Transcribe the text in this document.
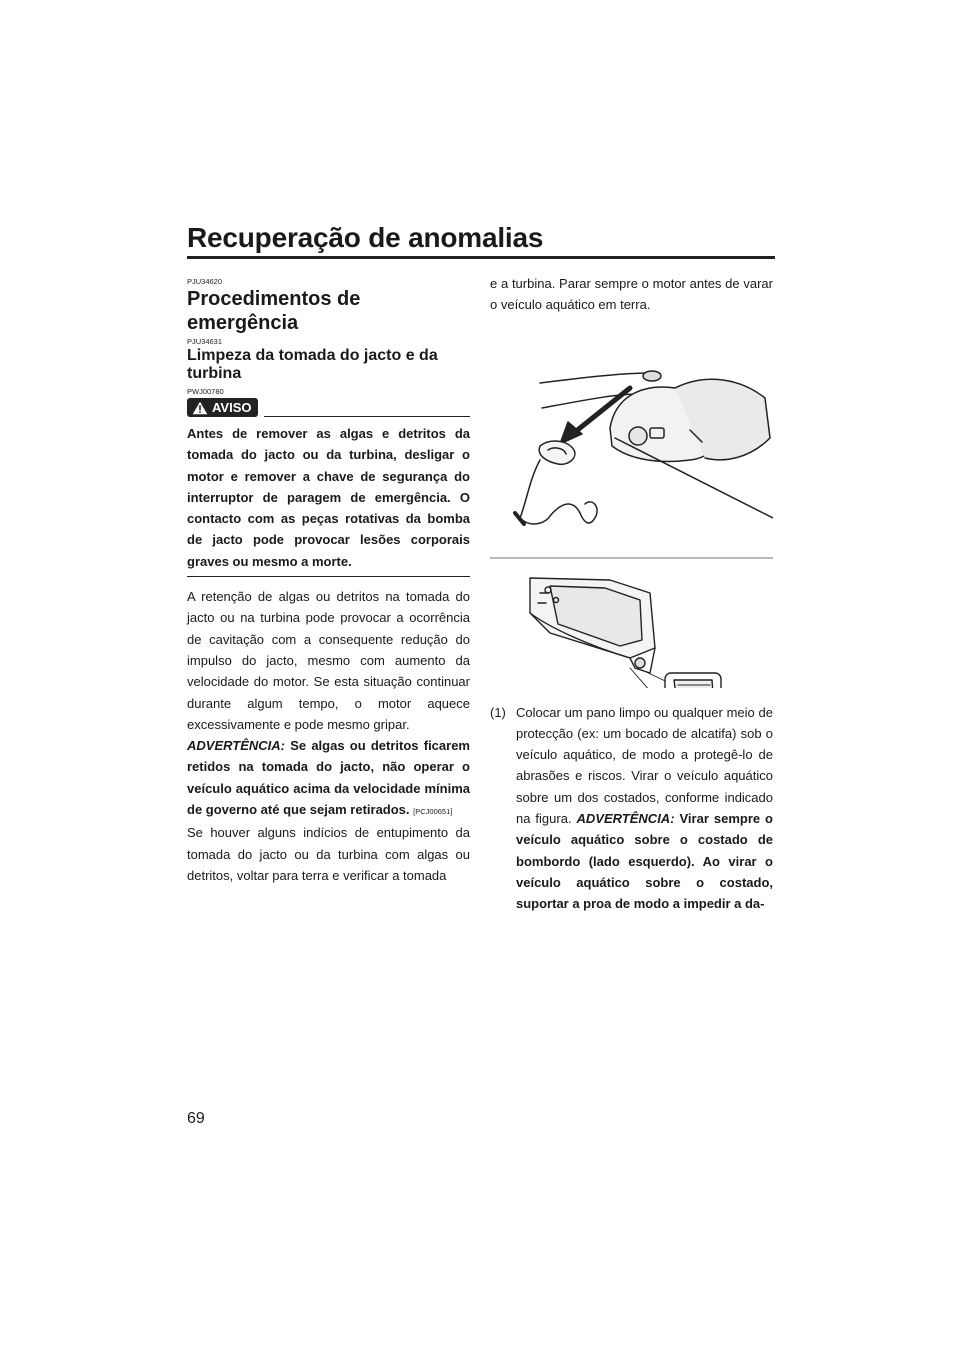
Recuperação de anomalias
PJU34620
Procedimentos de emergência
PJU34631
Limpeza da tomada do jacto e da turbina
PWJ00780
AVISO
Antes de remover as algas e detritos da tomada do jacto ou da turbina, desligar o motor e remover a chave de segurança do interruptor de paragem de emergência. O contacto com as peças rotativas da bomba de jacto pode provocar lesões corporais graves ou mesmo a morte.

A retenção de algas ou detritos na tomada do jacto ou na turbina pode provocar a ocorrência de cavitação com a consequente redução do impulso do jacto, mesmo com aumento da velocidade do motor. Se esta situação continuar durante algum tempo, o motor aquece excessivamente e pode mesmo gripar.

ADVERTÊNCIA: Se algas ou detritos ficarem retidos na tomada do jacto, não operar o veículo aquático acima da velocidade mínima de governo até que sejam retirados. [PCJ00651]

Se houver alguns indícios de entupimento da tomada do jacto ou da turbina com algas ou detritos, voltar para terra e verificar a tomada

e a turbina. Parar sempre o motor antes de varar o veículo aquático em terra.

(1) Colocar um pano limpo ou qualquer meio de protecção (ex: um bocado de alcatifa) sob o veículo aquático, de modo a protegê-lo de abrasões e riscos. Virar o veículo aquático sobre um dos costados, conforme indicado na figura. ADVERTÊNCIA: Virar sempre o veículo aquático sobre o costado de bombordo (lado esquerdo). Ao virar o veículo aquático sobre o costado, suportar a proa de modo a impedir a da-
69
